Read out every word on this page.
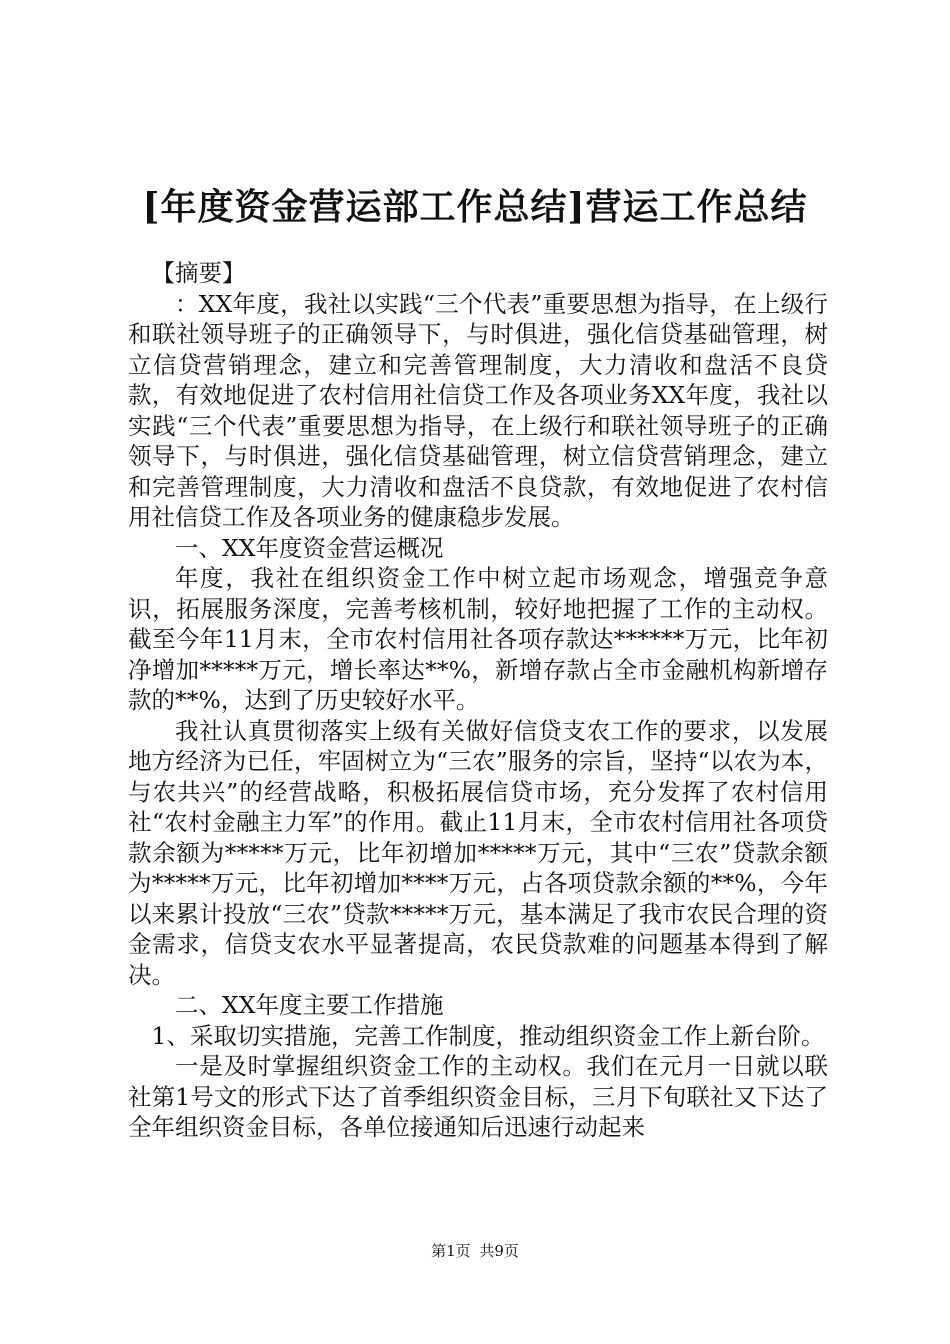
[年度资金营运部工作总结]营运工作总结

【摘要】

：XX年度，我社以实践“三个代表”重要思想为指导，在上级行和联社领导班子的正确领导下，与时俱进，强化信贷基础管理，树立信贷营销理念，建立和完善管理制度，大力清收和盘活不良贷款，有效地促进了农村信用社信贷工作及各项业务XX年度，我社以实践“三个代表”重要思想为指导，在上级行和联社领导班子的正确领导下，与时俱进，强化信贷基础管理，树立信贷营销理念，建立和完善管理制度，大力清收和盘活不良贷款，有效地促进了农村信用社信贷工作及各项业务的健康稳步发展。

一、XX年度资金营运概况

年度，我社在组织资金工作中树立起市场观念，增强竞争意识，拓展服务深度，完善考核机制，较好地把握了工作的主动权。截至今年11月末，全市农村信用社各项存款达******万元，比年初净增加*****万元，增长率达**%，新增存款占全市金融机构新增存款的**%，达到了历史较好水平。

我社认真贯彻落实上级有关做好信贷支农工作的要求，以发展地方经济为已任，牢固树立为“三农”服务的宗旨，坚持“以农为本，与农共兴”的经营战略，积极拓展信贷市场，充分发挥了农村信用社“农村金融主力军”的作用。截止11月末，全市农村信用社各项贷款余额为*****万元，比年初增加*****万元，其中“三农”贷款余额为*****万元，比年初增加****万元，占各项贷款余额的**%，今年以来累计投放“三农”贷款*****万元，基本满足了我市农民合理的资金需求，信贷支农水平显著提高，农民贷款难的问题基本得到了解决。

二、XX年度主要工作措施

1、采取切实措施，完善工作制度，推动组织资金工作上新台阶。

一是及时掌握组织资金工作的主动权。我们在元月一日就以联社第1号文的形式下达了首季组织资金目标，三月下旬联社又下达了全年组织资金目标，各单位接通知后迅速行动起来

第1页 共9页
